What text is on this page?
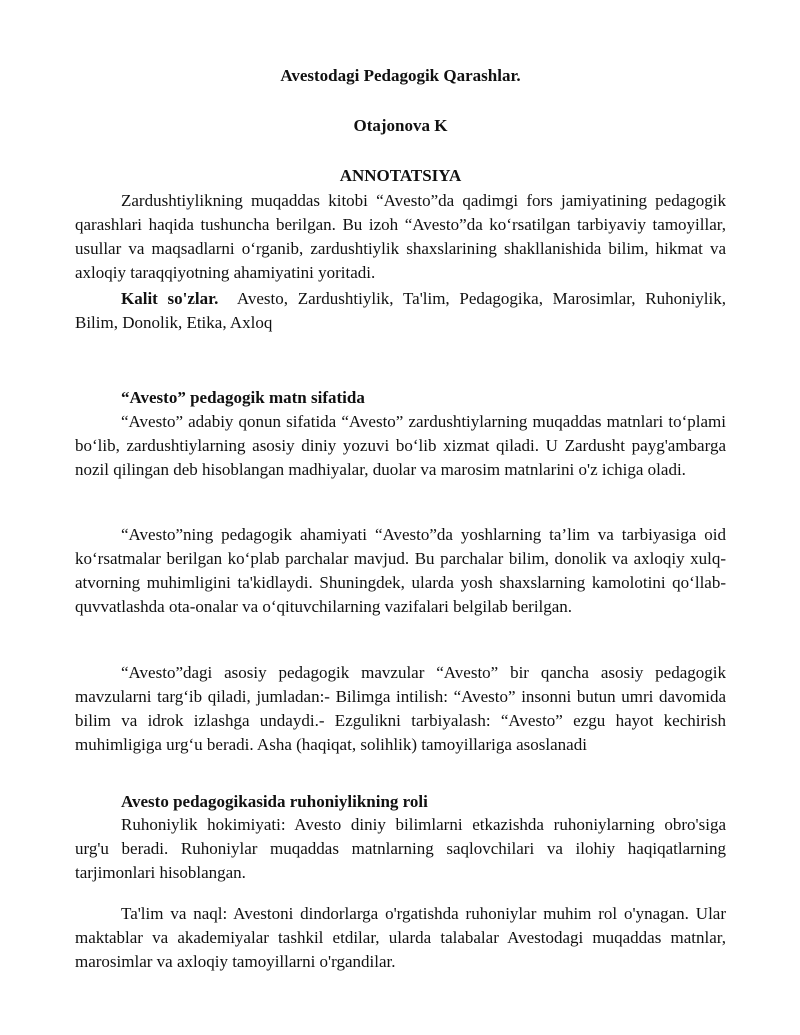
Avestodagi Pedagogik Qarashlar.
Otajonova K
ANNOTATSIYA

Zardushtiylikning muqaddas kitobi “Avesto”da qadimgi fors jamiyatining pedagogik qarashlari haqida tushuncha berilgan. Bu izoh “Avesto”da ko‘rsatilgan tarbiyaviy tamoyillar, usullar va maqsadlarni o‘rganib, zardushtiylik shaxslarining shakllanishida bilim, hikmat va axloqiy taraqqiyotning ahamiyatini yoritadi.

Kalit so'zlar. Avesto, Zardushtiylik, Ta'lim, Pedagogika, Marosimlar, Ruhoniylik, Bilim, Donolik, Etika, Axloq

“Avesto” pedagogik matn sifatida

“Avesto” adabiy qonun sifatida “Avesto” zardushtiylarning muqaddas matnlari to‘plami bo‘lib, zardushtiylarning asosiy diniy yozuvi bo‘lib xizmat qiladi. U Zardusht payg'ambarga nozil qilingan deb hisoblangan madhiyalar, duolar va marosim matnlarini o'z ichiga oladi.

“Avesto”ning pedagogik ahamiyati “Avesto”da yoshlarning ta’lim va tarbiyasiga oid ko‘rsatmalar berilgan ko‘plab parchalar mavjud. Bu parchalar bilim, donolik va axloqiy xulq-atvorning muhimligini ta'kidlaydi. Shuningdek, ularda yosh shaxslarning kamolotini qo‘llab-quvvatlashda ota-onalar va o‘qituvchilarning vazifalari belgilab berilgan.

“Avesto”dagi asosiy pedagogik mavzular “Avesto” bir qancha asosiy pedagogik mavzularni targ‘ib qiladi, jumladan:- Bilimga intilish: “Avesto” insonni butun umri davomida bilim va idrok izlashga undaydi.- Ezgulikni tarbiyalash: “Avesto” ezgu hayot kechirish muhimligiga urg‘u beradi. Asha (haqiqat, solihlik) tamoyillariga asoslanadi

Avesto pedagogikasida ruhoniylikning roli

Ruhoniylik hokimiyati: Avesto diniy bilimlarni etkazishda ruhoniylarning obro'siga urg'u beradi. Ruhoniylar muqaddas matnlarning saqlovchilari va ilohiy haqiqatlarning tarjimonlari hisoblangan.

Ta'lim va naql: Avestoni dindorlarga o'rgatishda ruhoniylar muhim rol o'ynagan. Ular maktablar va akademiyalar tashkil etdilar, ularda talabalar Avestodagi muqaddas matnlar, marosimlar va axloqiy tamoyillarni o'rgandilar.
